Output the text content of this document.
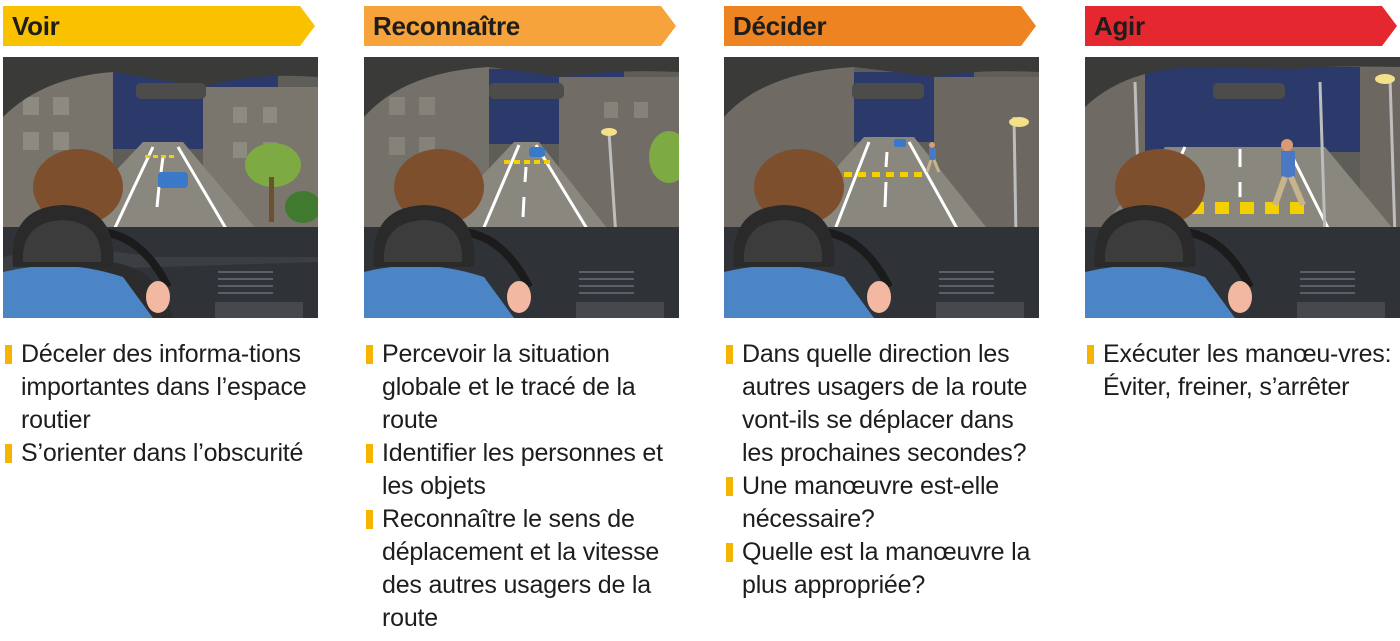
Voir
Déceler des informa-tions importantes dans l’espace routier
S’orienter dans l’obscurité
Reconnaître
Percevoir la situation globale et le tracé de la route
Identifier les personnes et les objets
Reconnaître le sens de déplacement et la vitesse des autres usagers de la route
Décider
Dans quelle direction les autres usagers de la route vont-ils se déplacer dans les prochaines secondes?
Une manœuvre est-elle nécessaire?
Quelle est la manœuvre la plus appropriée?
Agir
Exécuter les manœu-vres: Éviter, freiner, s’arrêter
